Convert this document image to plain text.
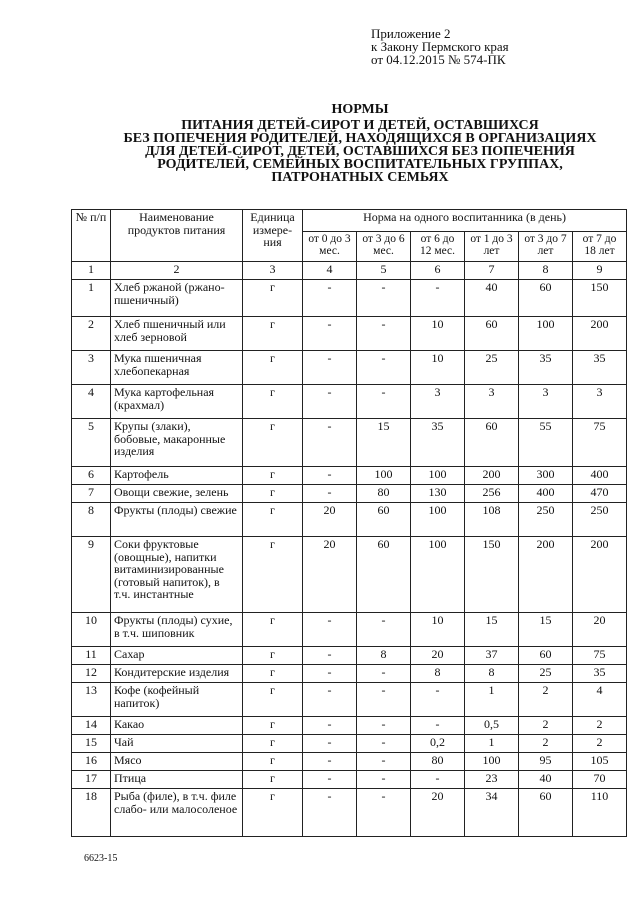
Приложение 2
к Закону Пермского края
от 04.12.2015 № 574-ПК
НОРМЫ
ПИТАНИЯ ДЕТЕЙ-СИРОТ И ДЕТЕЙ, ОСТАВШИХСЯ
БЕЗ ПОПЕЧЕНИЯ РОДИТЕЛЕЙ, НАХОДЯЩИХСЯ В ОРГАНИЗАЦИЯХ
ДЛЯ ДЕТЕЙ-СИРОТ, ДЕТЕЙ, ОСТАВШИХСЯ БЕЗ ПОПЕЧЕНИЯ
РОДИТЕЛЕЙ, СЕМЕЙНЫХ ВОСПИТАТЕЛЬНЫХ ГРУППАХ,
ПАТРОНАТНЫХ СЕМЬЯХ
№ п/п	Наименование продуктов питания	Единица измере-ния	Норма на одного воспитанника (в день)					
			от 0 до 3 мес.	от 3 до 6 мес.	от 6 до 12 мес.	от 1 до 3 лет	от 3 до 7 лет	от 7 до 18 лет
1	2	3	4	5	6	7	8	9
1	Хлеб ржаной (ржано-пшеничный)	г	-	-	-	40	60	150
2	Хлеб пшеничный или хлеб зерновой	г	-	-	10	60	100	200
3	Мука пшеничная хлебопекарная	г	-	-	10	25	35	35
4	Мука картофельная (крахмал)	г	-	-	3	3	3	3
5	Крупы (злаки), бобовые, макаронные изделия	г	-	15	35	60	55	75
6	Картофель	г	-	100	100	200	300	400
7	Овощи свежие, зелень	г	-	80	130	256	400	470
8	Фрукты (плоды) свежие	г	20	60	100	108	250	250
9	Соки фруктовые (овощные), напитки витаминизированные (готовый напиток), в т.ч. инстантные	г	20	60	100	150	200	200
10	Фрукты (плоды) сухие, в т.ч. шиповник	г	-	-	10	15	15	20
11	Сахар	г	-	8	20	37	60	75
12	Кондитерские изделия	г	-	-	8	8	25	35
13	Кофе (кофейный напиток)	г	-	-	-	1	2	4
14	Какао	г	-	-	-	0,5	2	2
15	Чай	г	-	-	0,2	1	2	2
16	Мясо	г	-	-	80	100	95	105
17	Птица	г	-	-	-	23	40	70
18	Рыба (филе), в т.ч. филе слабо- или малосоленое	г	-	-	20	34	60	110
6623-15
